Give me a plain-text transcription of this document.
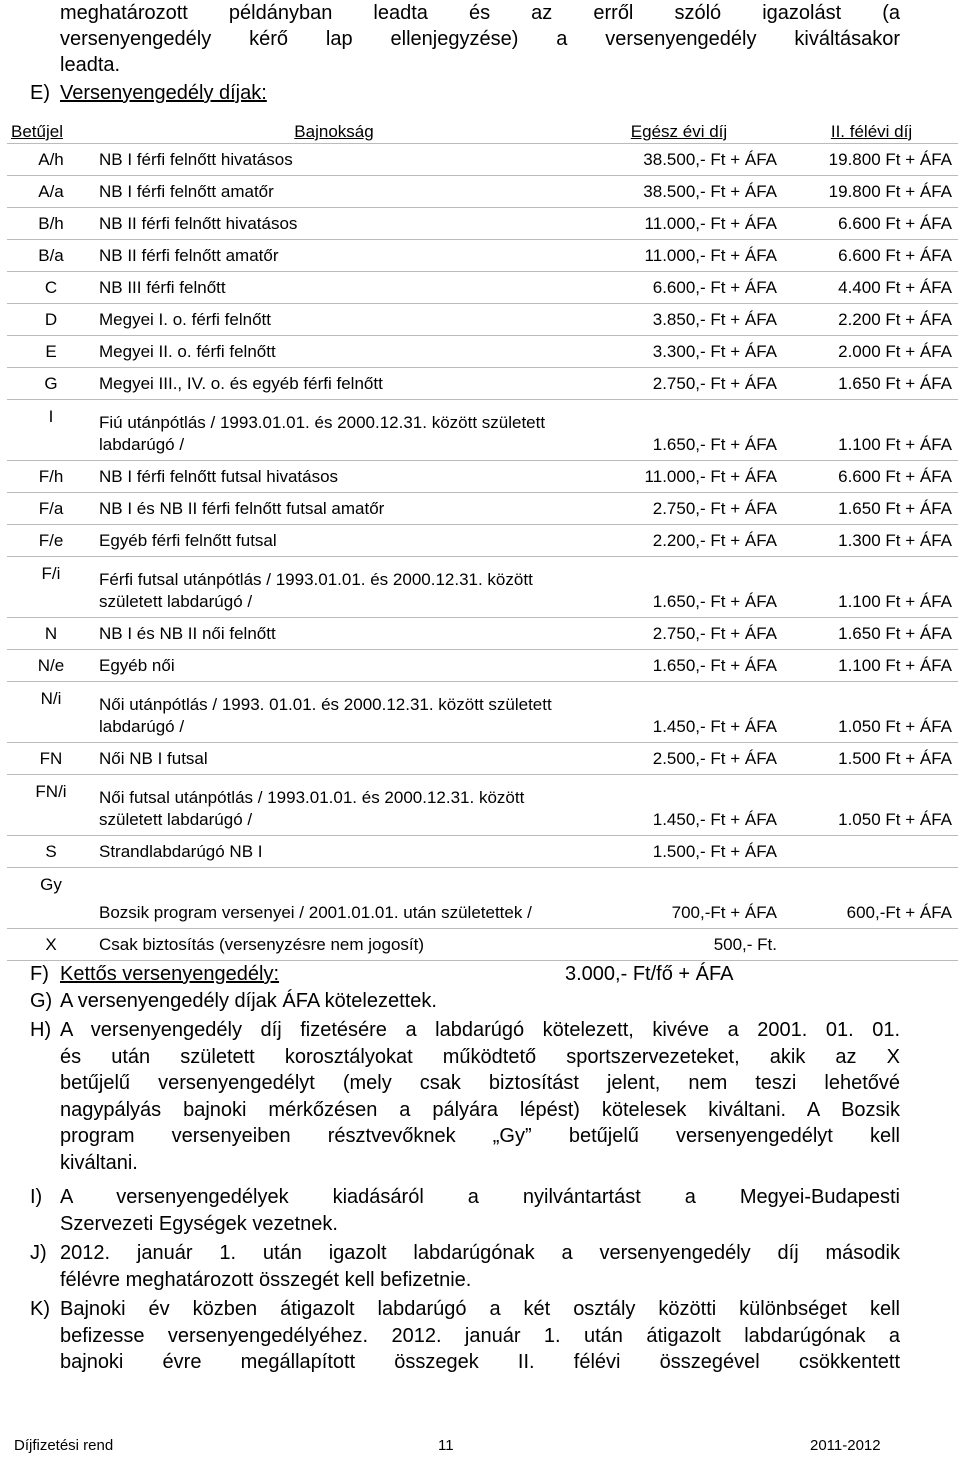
meghatározott példányban leadta és az erről szóló igazolást (a
versenyengedély kérő lap ellenjegyzése) a versenyengedély kiváltásakor
leadta.
E) Versenyengedély díjak:
Betűjel	Bajnokság	Egész évi díj	II. félévi díj
A/h	NB I férfi felnőtt hivatásos	38.500,- Ft + ÁFA	19.800 Ft + ÁFA
A/a	NB I férfi felnőtt amatőr	38.500,- Ft + ÁFA	19.800 Ft + ÁFA
B/h	NB II férfi felnőtt hivatásos	11.000,- Ft + ÁFA	6.600 Ft + ÁFA
B/a	NB II férfi felnőtt amatőr	11.000,- Ft + ÁFA	6.600 Ft + ÁFA
C	NB III férfi felnőtt	6.600,- Ft + ÁFA	4.400 Ft + ÁFA
D	Megyei I. o. férfi felnőtt	3.850,- Ft + ÁFA	2.200 Ft + ÁFA
E	Megyei II. o. férfi felnőtt	3.300,- Ft + ÁFA	2.000 Ft + ÁFA
G	Megyei III., IV. o. és egyéb férfi felnőtt	2.750,- Ft + ÁFA	1.650 Ft + ÁFA
I	Fiú utánpótlás / 1993.01.01. és 2000.12.31. között született labdarúgó /	1.650,- Ft + ÁFA	1.100 Ft + ÁFA
F/h	NB I férfi felnőtt futsal hivatásos	11.000,- Ft + ÁFA	6.600 Ft + ÁFA
F/a	NB I és NB II férfi felnőtt futsal amatőr	2.750,- Ft + ÁFA	1.650 Ft + ÁFA
F/e	Egyéb férfi felnőtt futsal	2.200,- Ft + ÁFA	1.300 Ft + ÁFA
F/i	Férfi futsal utánpótlás / 1993.01.01. és 2000.12.31. között született labdarúgó /	1.650,- Ft + ÁFA	1.100 Ft + ÁFA
N	NB I és NB II női felnőtt	2.750,- Ft + ÁFA	1.650 Ft + ÁFA
N/e	Egyéb női	1.650,- Ft + ÁFA	1.100 Ft + ÁFA
N/i	Női utánpótlás / 1993. 01.01. és 2000.12.31. között született labdarúgó /	1.450,- Ft + ÁFA	1.050 Ft + ÁFA
FN	Női NB I futsal	2.500,- Ft + ÁFA	1.500 Ft + ÁFA
FN/i	Női futsal utánpótlás / 1993.01.01. és 2000.12.31. között született labdarúgó /	1.450,- Ft + ÁFA	1.050 Ft + ÁFA
S	Strandlabdarúgó NB I	1.500,- Ft + ÁFA	
Gy	Bozsik program versenyei / 2001.01.01. után születettek /	700,-Ft + ÁFA	600,-Ft + ÁFA
X	Csak biztosítás (versenyzésre nem jogosít)	500,- Ft.	
F) Kettős versenyengedély:	3.000,- Ft/fő + ÁFA
G) A versenyengedély díjak ÁFA kötelezettek.
H) A versenyengedély díj fizetésére a labdarúgó kötelezett, kivéve a 2001. 01. 01.
és után született korosztályokat működtető sportszervezeteket, akik az X
betűjelű versenyengedélyt (mely csak biztosítást jelent, nem teszi lehetővé
nagypályás bajnoki mérkőzésen a pályára lépést) kötelesek kiváltani. A Bozsik
program versenyeiben résztvevőknek „Gy” betűjelű versenyengedélyt kell
kiváltani.
I) A versenyengedélyek kiadásáról a nyilvántartást a Megyei-Budapesti
Szervezeti Egységek vezetnek.
J) 2012. január 1. után igazolt labdarúgónak a versenyengedély díj második
félévre meghatározott összegét kell befizetnie.
K) Bajnoki év közben átigazolt labdarúgó a két osztály közötti különbséget kell
befizesse versenyengedélyéhez. 2012. január 1. után átigazolt labdarúgónak a
bajnoki évre megállapított összegek II. félévi összegével csökkentett
Díjfizetési rend	11	2011-2012
